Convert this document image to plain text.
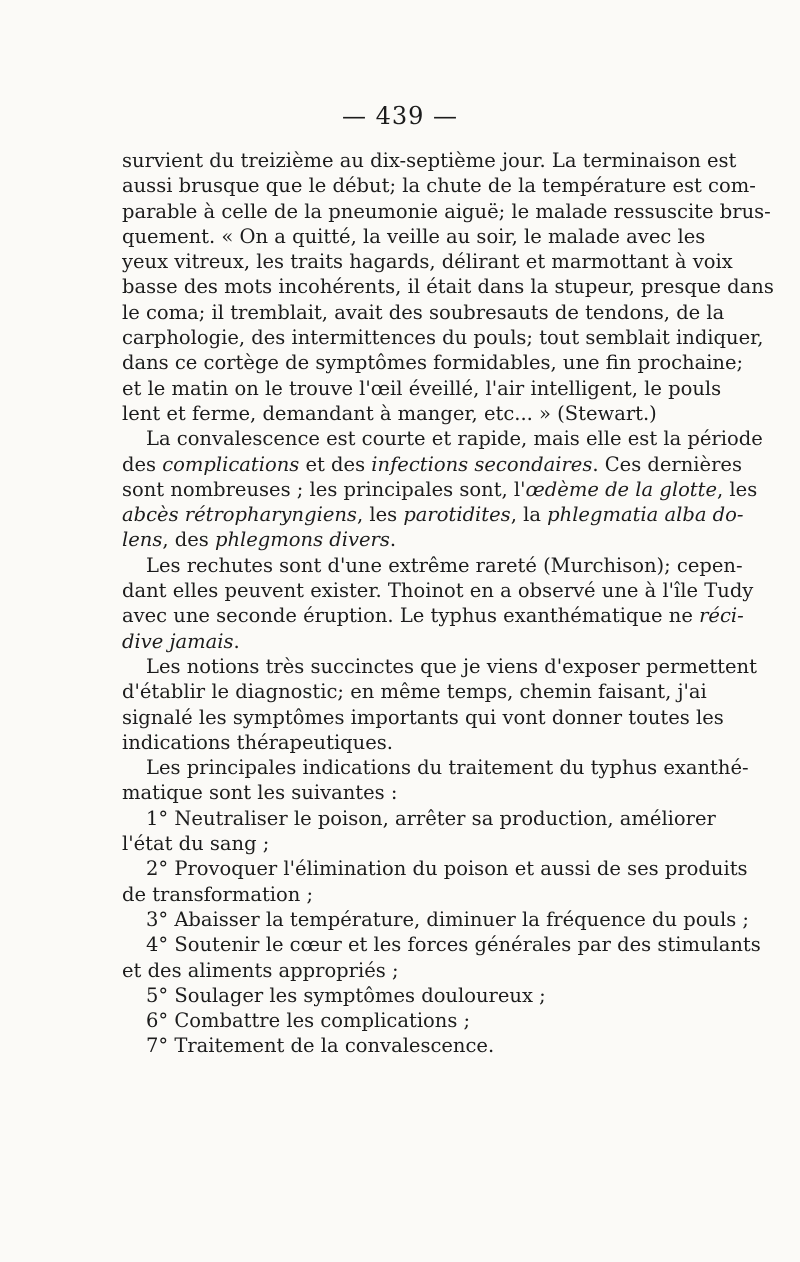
— 439 —
survient du treizième au dix-septième jour. La terminaison est
aussi brusque que le début; la chute de la température est com-
parable à celle de la pneumonie aiguë; le malade ressuscite brus-
quement. « On a quitté, la veille au soir, le malade avec les
yeux vitreux, les traits hagards, délirant et marmottant à voix
basse des mots incohérents, il était dans la stupeur, presque dans
le coma; il tremblait, avait des soubresauts de tendons, de la
carphologie, des intermittences du pouls; tout semblait indiquer,
dans ce cortège de symptômes formidables, une fin prochaine;
et le matin on le trouve l'œil éveillé, l'air intelligent, le pouls
lent et ferme, demandant à manger, etc... » (Stewart.)
La convalescence est courte et rapide, mais elle est la période
des complications et des infections secondaires. Ces dernières
sont nombreuses ; les principales sont, l'œdème de la glotte, les
abcès rétropharyngiens, les parotidites, la phlegmatia alba do-
lens, des phlegmons divers.
Les rechutes sont d'une extrême rareté (Murchison); cepen-
dant elles peuvent exister. Thoinot en a observé une à l'île Tudy
avec une seconde éruption. Le typhus exanthématique ne réci-
dive jamais.
Les notions très succinctes que je viens d'exposer permettent
d'établir le diagnostic; en même temps, chemin faisant, j'ai
signalé les symptômes importants qui vont donner toutes les
indications thérapeutiques.
Les principales indications du traitement du typhus exanthé-
matique sont les suivantes :
1° Neutraliser le poison, arrêter sa production, améliorer
l'état du sang ;
2° Provoquer l'élimination du poison et aussi de ses produits
de transformation ;
3° Abaisser la température, diminuer la fréquence du pouls ;
4° Soutenir le cœur et les forces générales par des stimulants
et des aliments appropriés ;
5° Soulager les symptômes douloureux ;
6° Combattre les complications ;
7° Traitement de la convalescence.
